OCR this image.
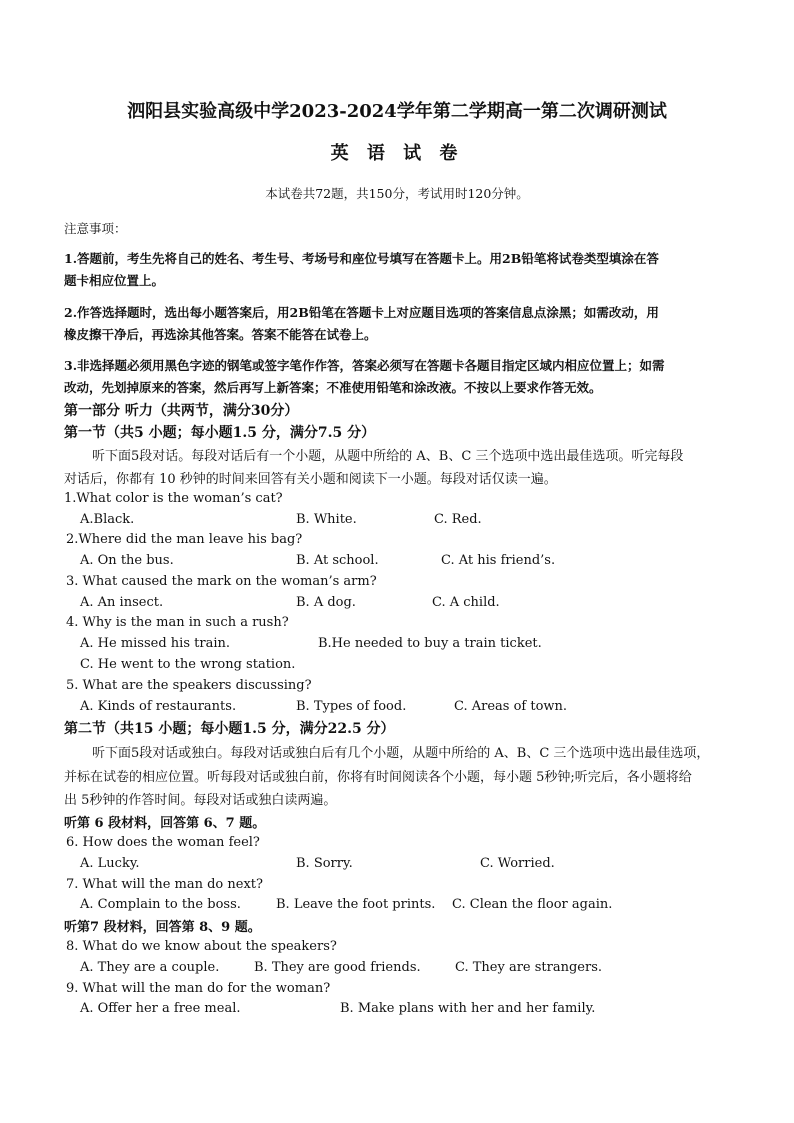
泗阳县实验高级中学2023-2024学年第二学期高一第二次调研测试

英 语 试 卷

本试卷共72题，共150分，考试用时120分钟。

注意事项：

1.答题前，考生先将自己的姓名、考生号、考场号和座位号填写在答题卡上。用2B铅笔将试卷类型填涂在答

题卡相应位置上。

2.作答选择题时，选出每小题答案后，用2B铅笔在答题卡上对应题目选项的答案信息点涂黑；如需改动，用

橡皮擦干净后，再选涂其他答案。答案不能答在试卷上。

3.非选择题必须用黑色字迹的钢笔或签字笔作作答，答案必须写在答题卡各题目指定区域内相应位置上；如需

改动，先划掉原来的答案，然后再写上新答案；不准使用铅笔和涂改液。不按以上要求作答无效。

第一部分 听力（共两节，满分30分）

第一节（共5 小题；每小题1.5 分，满分7.5 分）

听下面5段对话。每段对话后有一个小题，从题中所给的 A、B、C 三个选项中选出最佳选项。听完每段

对话后，你都有 10 秒钟的时间来回答有关小题和阅读下一小题。每段对话仅读一遍。

1.What color is the woman’s cat?

A.Black.	B. White.	C. Red.

2.Where did the man leave his bag?

A. On the bus.	B. At school.	C. At his friend’s.

3. What caused the mark on the woman’s arm?

A. An insect.	B. A dog.	C. A child.

4. Why is the man in such a rush?

A. He missed his train.	B.He needed to buy a train ticket.

C. He went to the wrong station.

5. What are the speakers discussing?

A. Kinds of restaurants.	B. Types of food.	C. Areas of town.

第二节（共15 小题；每小题1.5 分，满分22.5 分）

听下面5段对话或独白。每段对话或独白后有几个小题，从题中所给的 A、B、C 三个选项中选出最佳选项，

并标在试卷的相应位置。听每段对话或独白前，你将有时间阅读各个小题，每小题 5秒钟;听完后，各小题将给

出 5秒钟的作答时间。每段对话或独白读两遍。

听第 6 段材料，回答第 6、7 题。

6. How does the woman feel?

A. Lucky.	B. Sorry.	C. Worried.

7. What will the man do next?

A. Complain to the boss.	B. Leave the foot prints. C. Clean the floor again.

听第7 段材料，回答第 8、9 题。

8. What do we know about the speakers?

A. They are a couple.	B. They are good friends.	C. They are strangers.

9. What will the man do for the woman?

A. Offer her a free meal.	B. Make plans with her and her family.
